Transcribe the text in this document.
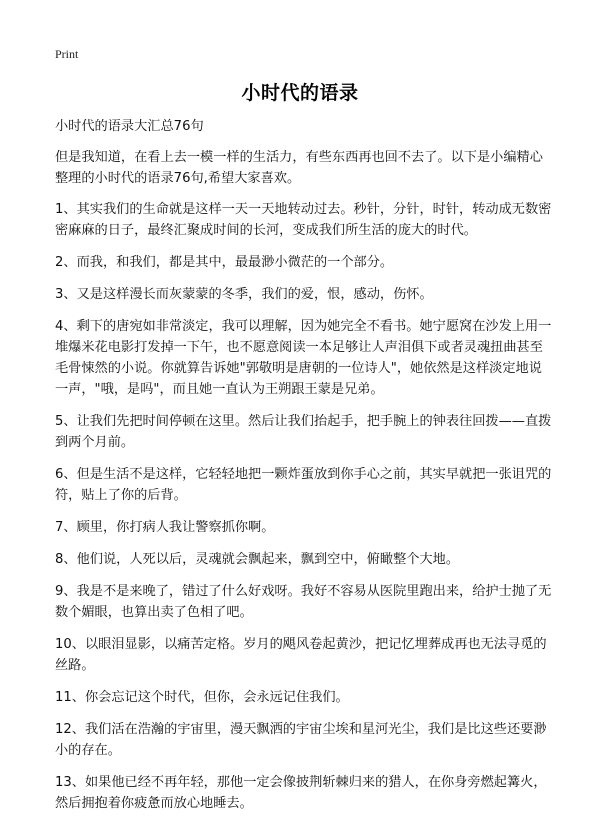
Print
小时代的语录

小时代的语录大汇总76句

但是我知道，在看上去一模一样的生活力，有些东西再也回不去了。以下是小编精心整理的小时代的语录76句,希望大家喜欢。

1、其实我们的生命就是这样一天一天地转动过去。秒针，分针，时针，转动成无数密密麻麻的日子，最终汇聚成时间的长河，变成我们所生活的庞大的时代。

2、而我，和我们，都是其中，最最渺小微茫的一个部分。

3、又是这样漫长而灰蒙蒙的冬季，我们的爱，恨，感动，伤怀。

4、剩下的唐宛如非常淡定，我可以理解，因为她完全不看书。她宁愿窝在沙发上用一堆爆米花电影打发掉一下午，也不愿意阅读一本足够让人声泪俱下或者灵魂扭曲甚至毛骨悚然的小说。你就算告诉她"郭敬明是唐朝的一位诗人"，她依然是这样淡定地说一声，"哦，是吗"，而且她一直认为王朔跟王蒙是兄弟。

5、让我们先把时间停顿在这里。然后让我们抬起手，把手腕上的钟表往回拨——直拨到两个月前。

6、但是生活不是这样，它轻轻地把一颗炸蛋放到你手心之前，其实早就把一张诅咒的符，贴上了你的后背。

7、顾里，你打病人我让警察抓你啊。

8、他们说，人死以后，灵魂就会飘起来，飘到空中，俯瞰整个大地。

9、我是不是来晚了，错过了什么好戏呀。我好不容易从医院里跑出来，给护士抛了无数个媚眼，也算出卖了色相了吧。

10、以眼泪显影，以痛苦定格。岁月的飓风卷起黄沙，把记忆埋葬成再也无法寻觅的丝路。

11、你会忘记这个时代，但你，会永远记住我们。

12、我们活在浩瀚的宇宙里，漫天飘洒的宇宙尘埃和星河光尘，我们是比这些还要渺小的存在。

13、如果他已经不再年轻，那他一定会像披荆斩棘归来的猎人，在你身旁燃起篝火，然后拥抱着你疲惫而放心地睡去。
